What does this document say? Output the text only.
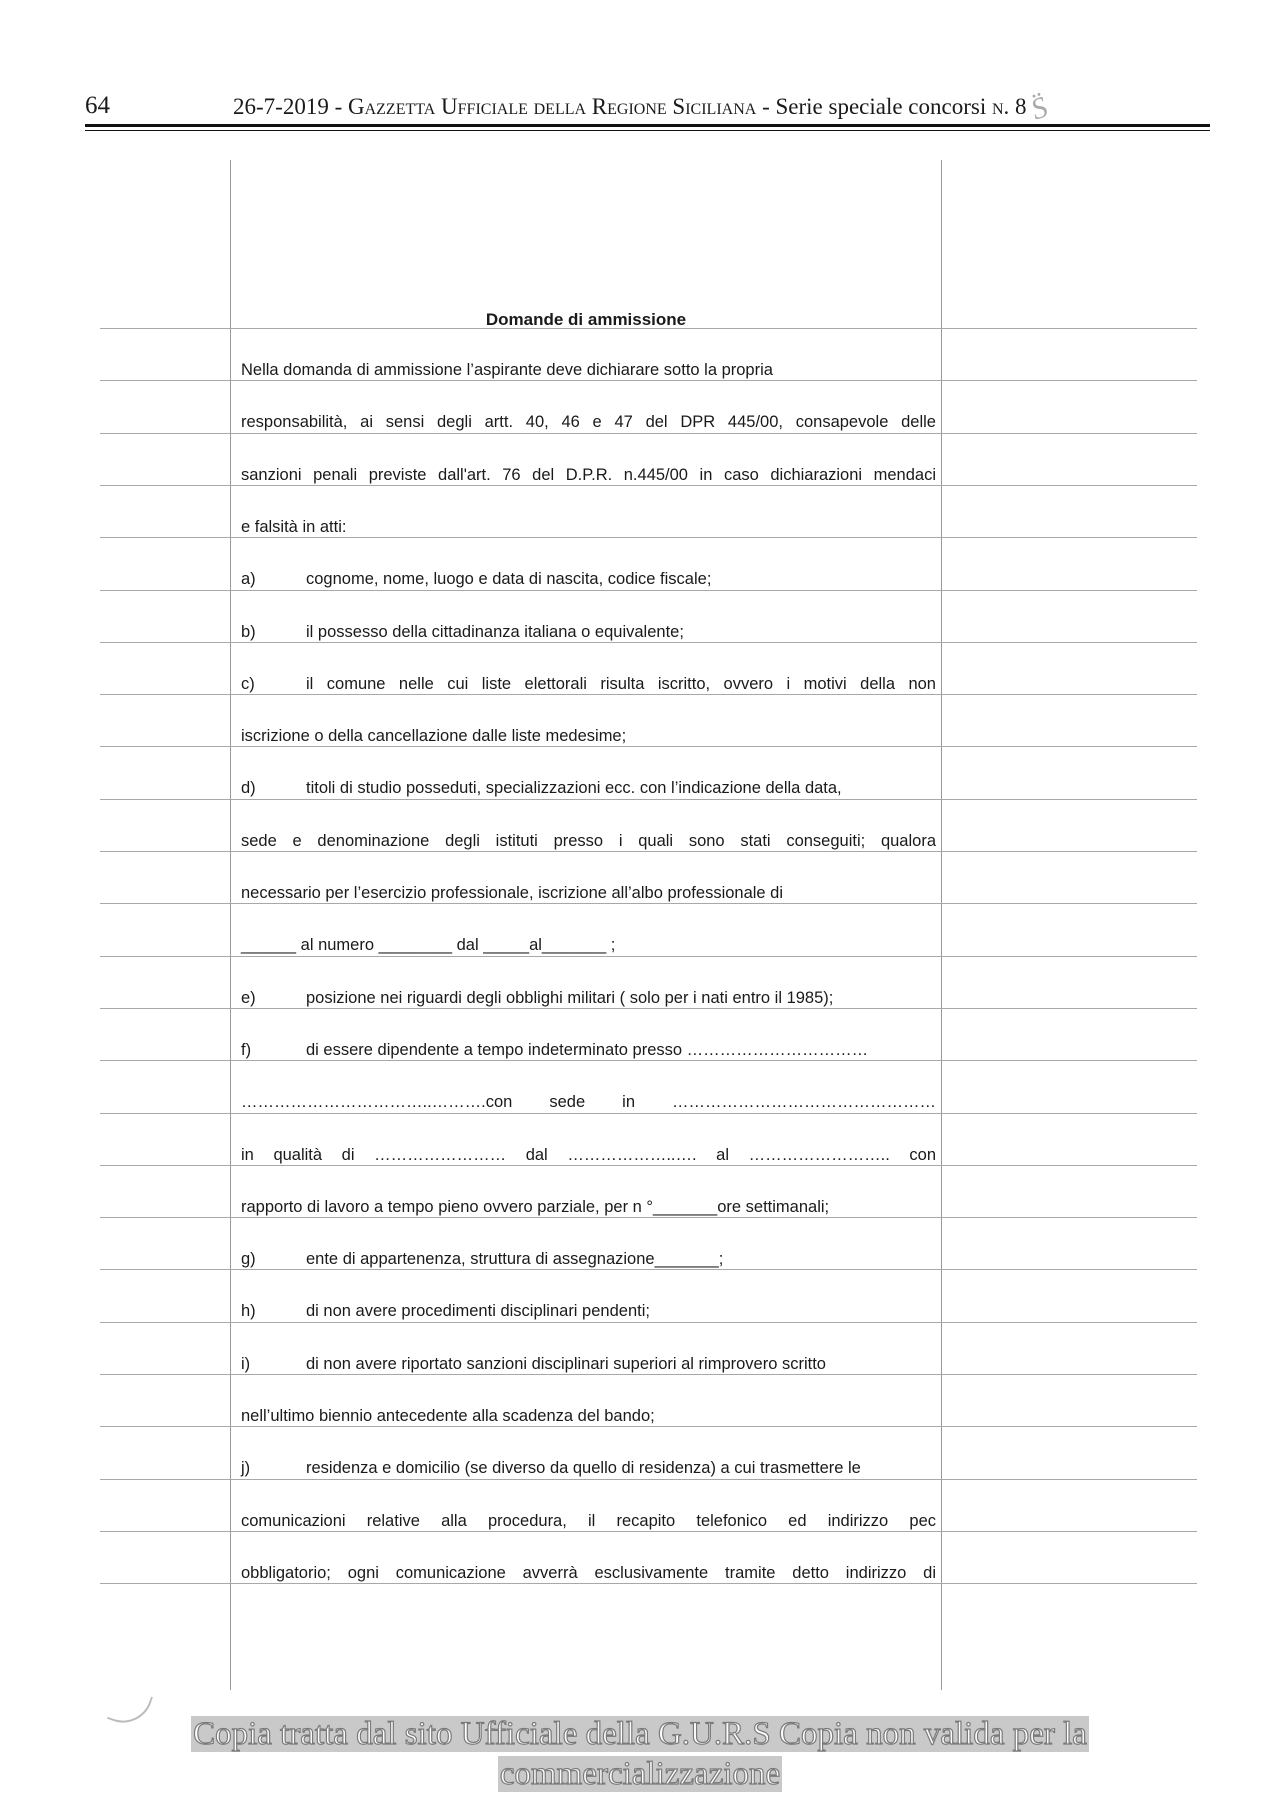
64	26-7-2019 - Gazzetta Ufficiale della Regione Siciliana - Serie speciale concorsi n. 8 S̈
Domande di ammissione
Nella domanda di ammissione l’aspirante deve dichiarare sotto la propria
responsabilità, ai sensi degli artt. 40, 46 e 47 del DPR 445/00, consapevole delle
sanzioni penali previste dall'art. 76 del D.P.R. n.445/00 in caso dichiarazioni mendaci
e falsità in atti:
a)	cognome, nome, luogo e data di nascita, codice fiscale;
b)	il possesso della cittadinanza italiana o equivalente;
c)	il comune nelle cui liste elettorali risulta iscritto, ovvero i motivi della non
iscrizione o della cancellazione dalle liste medesime;
d)	titoli di studio posseduti, specializzazioni ecc. con l’indicazione della data,
sede e denominazione degli istituti presso i quali sono stati conseguiti; qualora
necessario per l’esercizio professionale, iscrizione all’albo professionale di
______ al numero ________ dal _____al_______ ;
e)	posizione nei riguardi degli obblighi militari ( solo per i nati entro il 1985);
f)	di essere dipendente a tempo indeterminato presso ……………………………
……………………………..……….con sede in …………………………………………
in qualità di …………………… dal ………………..…. al …………………….. con
rapporto di lavoro a tempo pieno ovvero parziale, per n °_______ore settimanali;
g)	ente di appartenenza, struttura di assegnazione_______;
h)	di non avere procedimenti disciplinari pendenti;
i)	di non avere riportato sanzioni disciplinari superiori al rimprovero scritto
nell’ultimo biennio antecedente alla scadenza del bando;
j)	residenza e domicilio (se diverso da quello di residenza) a cui trasmettere le
comunicazioni relative alla procedura, il recapito telefonico ed indirizzo pec
obbligatorio; ogni comunicazione avverrà esclusivamente tramite detto indirizzo di
Copia tratta dal sito Ufficiale della G.U.R.S Copia non valida per la
commercializzazione
